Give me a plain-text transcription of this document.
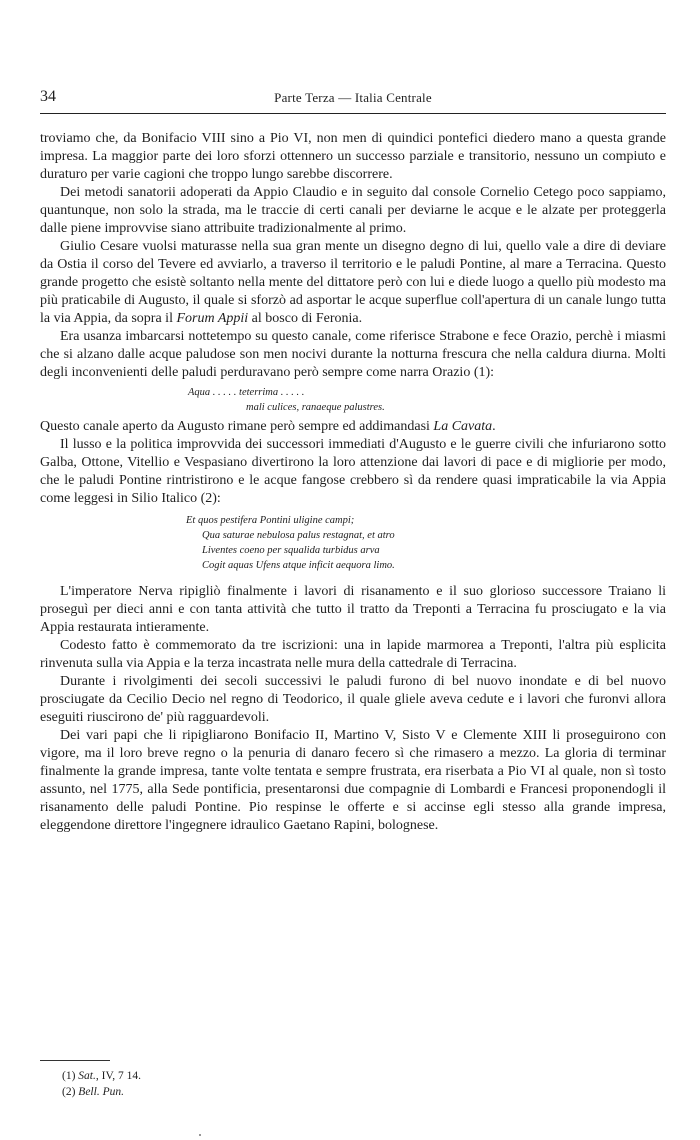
34	Parte Terza — Italia Centrale

troviamo che, da Bonifacio VIII sino a Pio VI, non men di quindici pontefici diedero mano a questa grande impresa. La maggior parte dei loro sforzi ottennero un successo parziale e transitorio, nessuno un compiuto e duraturo per varie cagioni che troppo lungo sarebbe discorrere.

Dei metodi sanatorii adoperati da Appio Claudio e in seguito dal console Cornelio Cetego poco sappiamo, quantunque, non solo la strada, ma le traccie di certi canali per deviarne le acque e le alzate per proteggerla dalle piene improvvise siano attribuite tradizionalmente al primo.

Giulio Cesare vuolsi maturasse nella sua gran mente un disegno degno di lui, quello vale a dire di deviare da Ostia il corso del Tevere ed avviarlo, a traverso il territorio e le paludi Pontine, al mare a Terracina. Questo grande progetto che esistè soltanto nella mente del dittatore però con lui e diede luogo a quello più modesto ma più praticabile di Augusto, il quale si sforzò ad asportar le acque superflue coll'apertura di un canale lungo tutta la via Appia, da sopra il Forum Appii al bosco di Feronia.

Era usanza imbarcarsi nottetempo su questo canale, come riferisce Strabone e fece Orazio, perchè i miasmi che si alzano dalle acque paludose son men nocivi durante la notturna frescura che nella caldura diurna. Molti degli inconvenienti delle paludi perduravano però sempre come narra Orazio (1):

Aqua . . . . . teterrima . . . . .
mali culices, ranaeque palustres.

Questo canale aperto da Augusto rimane però sempre ed addimandasi La Cavata.

Il lusso e la politica improvvida dei successori immediati d'Augusto e le guerre civili che infuriarono sotto Galba, Ottone, Vitellio e Vespasiano divertirono la loro attenzione dai lavori di pace e di migliorie per modo, che le paludi Pontine rintristirono e le acque fangose crebbero sì da rendere quasi impraticabile la via Appia come leggesi in Silio Italico (2):

Et quos pestifera Pontini uligine campi;
Qua saturae nebulosa palus restagnat, et atro
Liventes coeno per squalida turbidus arva
Cogit aquas Ufens atque inficit aequora limo.

L'imperatore Nerva ripigliò finalmente i lavori di risanamento e il suo glorioso successore Traiano li proseguì per dieci anni e con tanta attività che tutto il tratto da Treponti a Terracina fu prosciugato e la via Appia restaurata intieramente.

Codesto fatto è commemorato da tre iscrizioni: una in lapide marmorea a Treponti, l'altra più esplicita rinvenuta sulla via Appia e la terza incastrata nelle mura della cattedrale di Terracina.

Durante i rivolgimenti dei secoli successivi le paludi furono di bel nuovo inondate e di bel nuovo prosciugate da Cecilio Decio nel regno di Teodorico, il quale gliele aveva cedute e i lavori che furonvi allora eseguiti riuscirono de' più ragguardevoli.

Dei vari papi che li ripigliarono Bonifacio II, Martino V, Sisto V e Clemente XIII li proseguirono con vigore, ma il loro breve regno o la penuria di danaro fecero sì che rimasero a mezzo. La gloria di terminar finalmente la grande impresa, tante volte tentata e sempre frustrata, era riserbata a Pio VI al quale, non sì tosto assunto, nel 1775, alla Sede pontificia, presentaronsi due compagnie di Lombardi e Francesi proponendogli il risanamento delle paludi Pontine. Pio respinse le offerte e si accinse egli stesso alla grande impresa, eleggendone direttore l'ingegnere idraulico Gaetano Rapini, bolognese.

(1) Sat., IV, 7 14.
(2) Bell. Pun.
